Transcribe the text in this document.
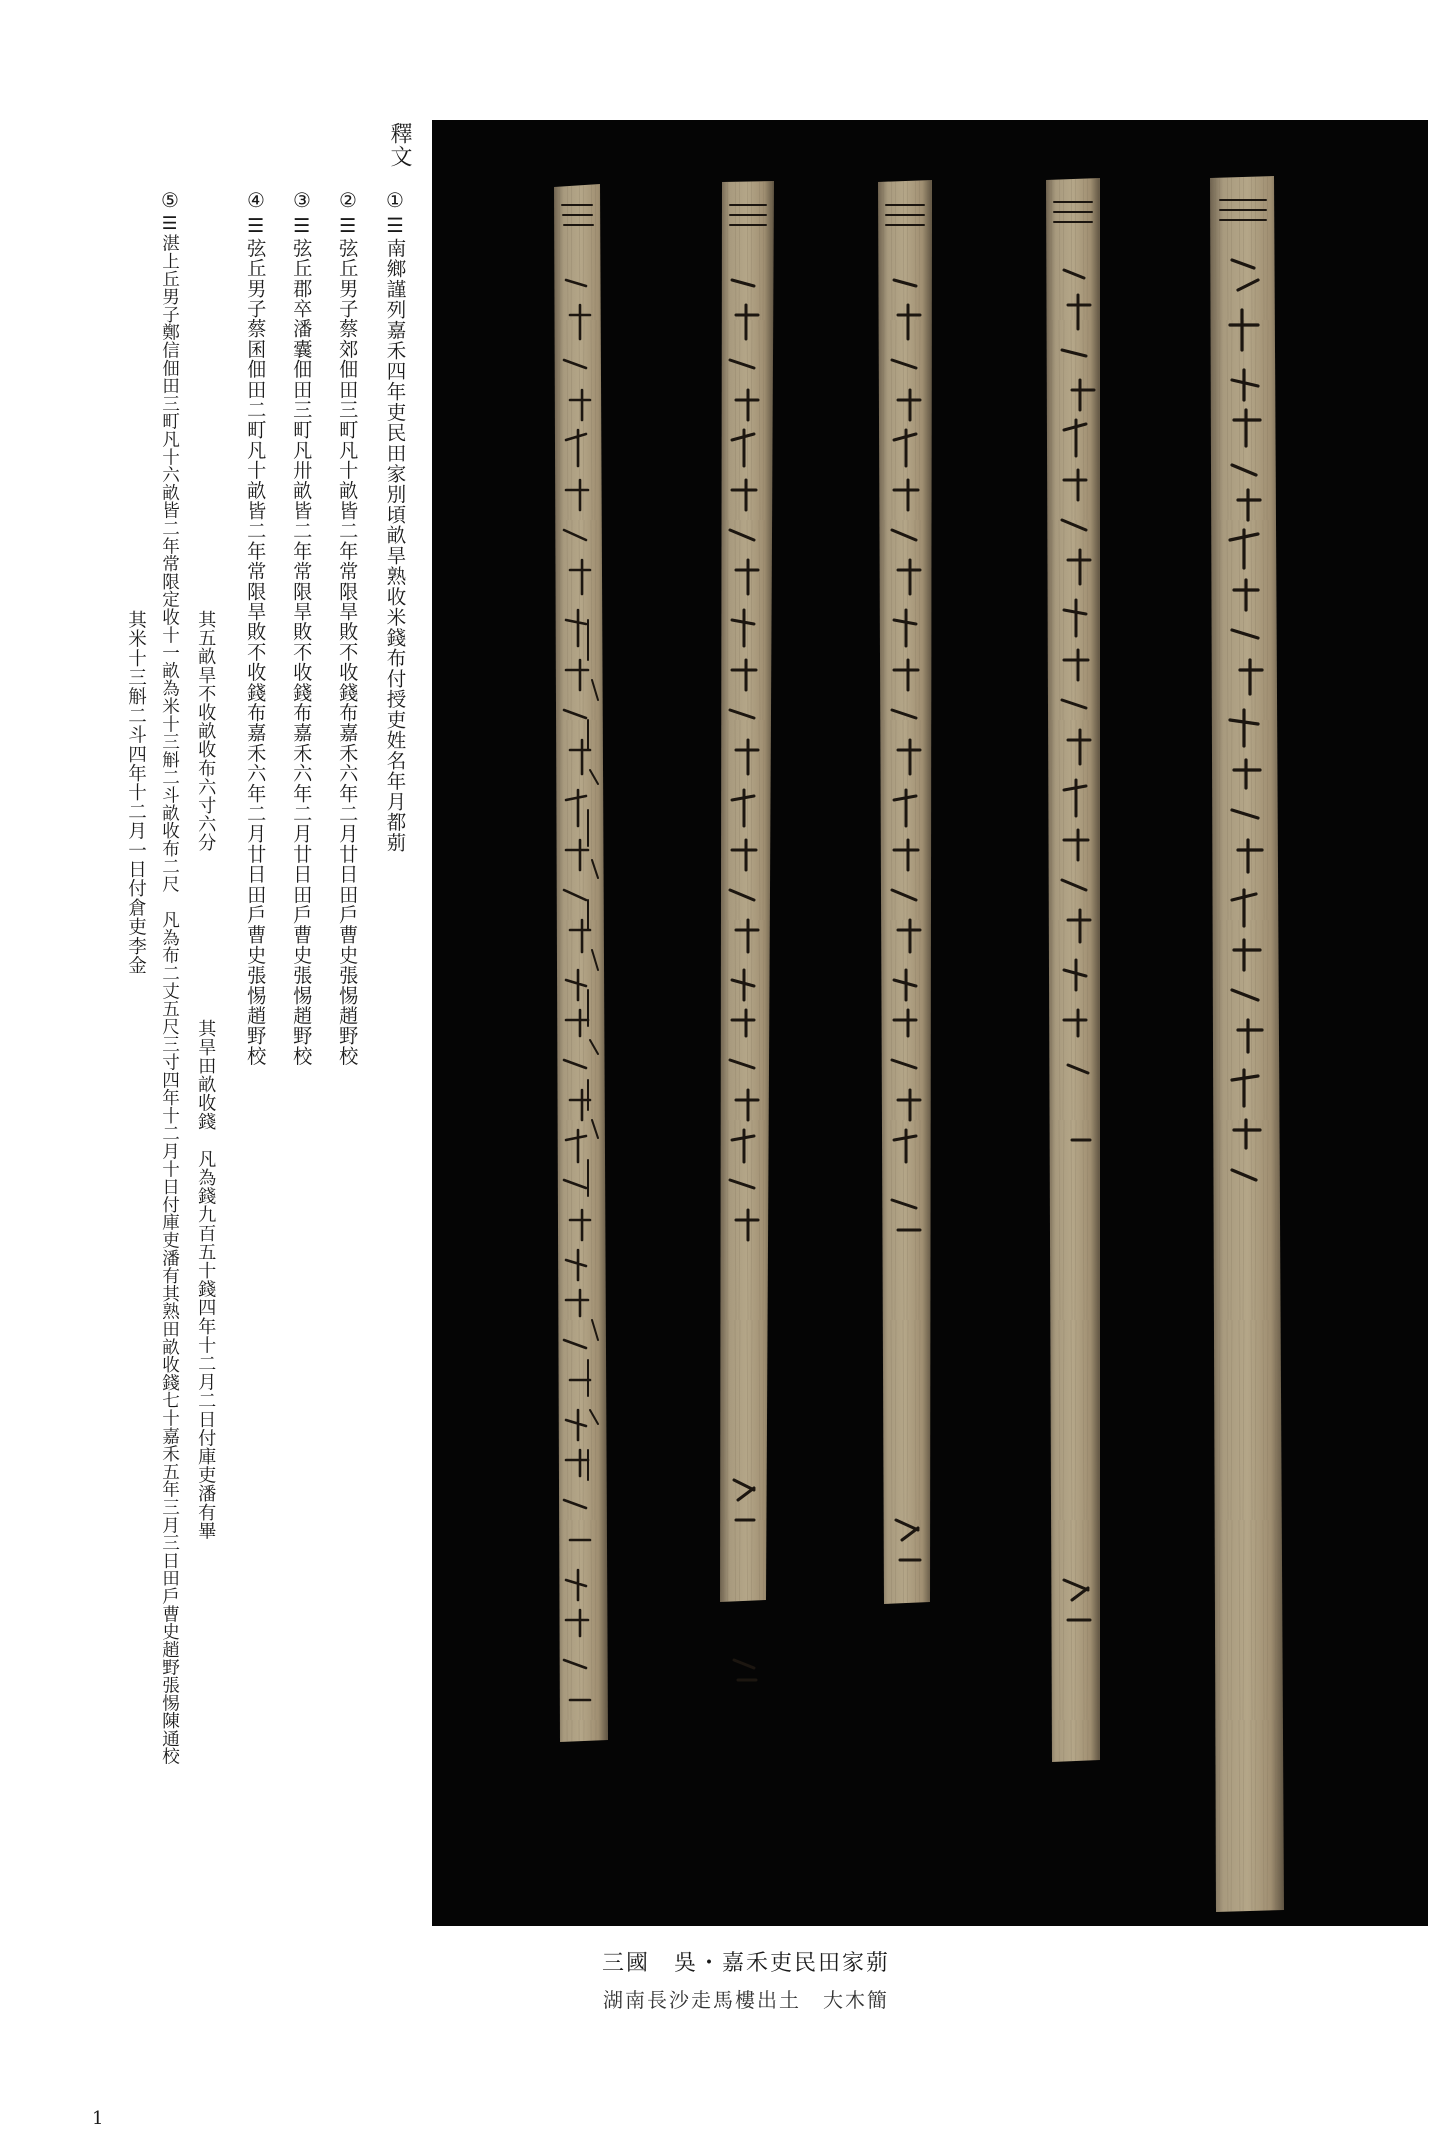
釋文
①
☰南鄉謹列嘉禾四年吏民田家別頃畝旱熟收米錢布付授吏姓名年月都莂
②
☰弦丘男子蔡郊佃田三町凡十畝皆二年常限旱敗不收錢布嘉禾六年二月廿日田戶曹史張惕趙野校
③
☰弦丘郡卒潘囊佃田三町凡卅畝皆二年常限旱敗不收錢布嘉禾六年二月廿日田戶曹史張惕趙野校
④
☰弦丘男子蔡囷佃田二町凡十畝皆二年常限旱敗不收錢布嘉禾六年二月廿日田戶曹史張惕趙野校
⑤
☰湛上丘男子鄭信佃田三町凡十六畝皆二年常限定收十一畝為米十三斛二斗畝收布二尺　凡為布二丈五尺三寸四年十二月十日付庫吏潘有其熟田畝收錢七十嘉禾五年三月三日田戶曹史趙野張惕陳通校 其五畝旱不收畝收布六寸六分　　　　　　　　　其旱田畝收錢　凡為錢九百五十錢四年十二月二日付庫吏潘有畢
其米十三斛二斗四年十二月一日付倉吏李金
三國　吳・嘉禾吏民田家莂
湖南長沙走馬樓出土　大木簡
1
